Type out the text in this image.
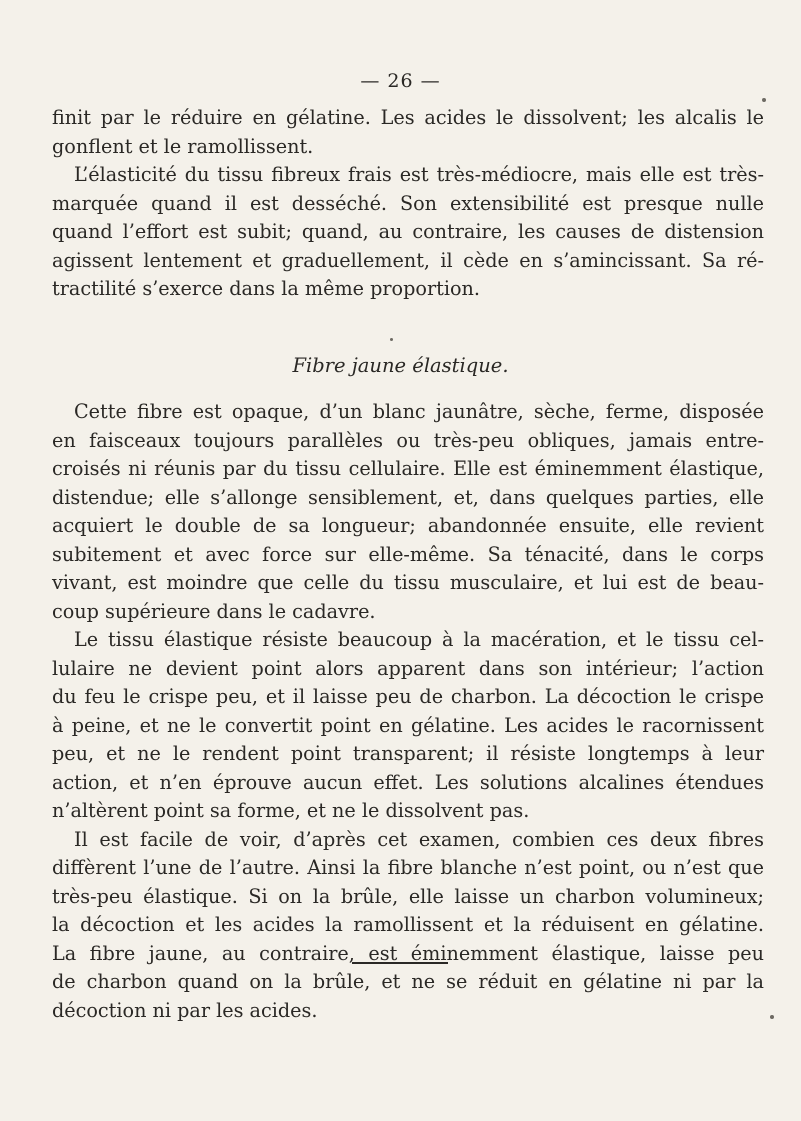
— 26 —
finit par le réduire en gélatine. Les acides le dissolvent; les alcalis le
gonflent et le ramollissent.
L’élasticité du tissu fibreux frais est très-médiocre, mais elle est très-
marquée quand il est desséché. Son extensibilité est presque nulle
quand l’effort est subit; quand, au contraire, les causes de distension
agissent lentement et graduellement, il cède en s’amincissant. Sa ré-
tractilité s’exerce dans la même proportion.
Fibre jaune élastique.
Cette fibre est opaque, d’un blanc jaunâtre, sèche, ferme, disposée
en faisceaux toujours parallèles ou très-peu obliques, jamais entre-
croisés ni réunis par du tissu cellulaire. Elle est éminemment élastique,
distendue; elle s’allonge sensiblement, et, dans quelques parties, elle
acquiert le double de sa longueur; abandonnée ensuite, elle revient
subitement et avec force sur elle-même. Sa ténacité, dans le corps
vivant, est moindre que celle du tissu musculaire, et lui est de beau-
coup supérieure dans le cadavre.
Le tissu élastique résiste beaucoup à la macération, et le tissu cel-
lulaire ne devient point alors apparent dans son intérieur; l’action
du feu le crispe peu, et il laisse peu de charbon. La décoction le crispe
à peine, et ne le convertit point en gélatine. Les acides le racornissent
peu, et ne le rendent point transparent; il résiste longtemps à leur
action, et n’en éprouve aucun effet. Les solutions alcalines étendues
n’altèrent point sa forme, et ne le dissolvent pas.
Il est facile de voir, d’après cet examen, combien ces deux fibres
diffèrent l’une de l’autre. Ainsi la fibre blanche n’est point, ou n’est que
très-peu élastique. Si on la brûle, elle laisse un charbon volumineux;
la décoction et les acides la ramollissent et la réduisent en gélatine.
La fibre jaune, au contraire, est éminemment élastique, laisse peu
de charbon quand on la brûle, et ne se réduit en gélatine ni par la
décoction ni par les acides.
